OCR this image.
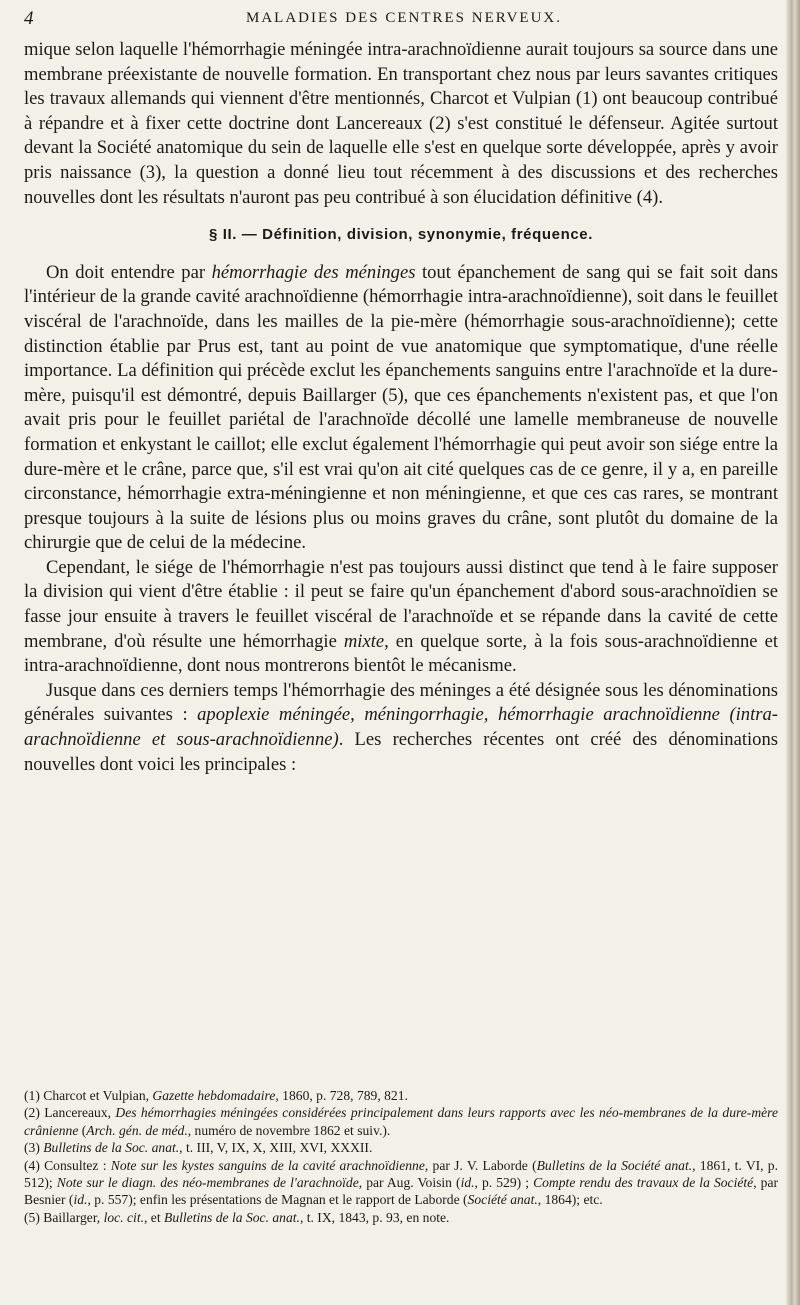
4	MALADIES DES CENTRES NERVEUX.

mique selon laquelle l'hémorrhagie méningée intra-arachnoïdienne aurait toujours sa source dans une membrane préexistante de nouvelle formation. En transportant chez nous par leurs savantes critiques les travaux allemands qui viennent d'être mentionnés, Charcot et Vulpian (1) ont beaucoup contribué à répandre et à fixer cette doctrine dont Lancereaux (2) s'est constitué le défenseur. Agitée surtout devant la Société anatomique du sein de laquelle elle s'est en quelque sorte développée, après y avoir pris naissance (3), la question a donné lieu tout récemment à des discussions et des recherches nouvelles dont les résultats n'auront pas peu contribué à son élucidation définitive (4).

§ II. — Définition, division, synonymie, fréquence.

On doit entendre par hémorrhagie des méninges tout épanchement de sang qui se fait soit dans l'intérieur de la grande cavité arachnoïdienne (hémorrhagie intra-arachnoïdienne), soit dans le feuillet viscéral de l'arachnoïde, dans les mailles de la pie-mère (hémorrhagie sous-arachnoïdienne); cette distinction établie par Prus est, tant au point de vue anatomique que symptomatique, d'une réelle importance. La définition qui précède exclut les épanchements sanguins entre l'arachnoïde et la dure-mère, puisqu'il est démontré, depuis Baillarger (5), que ces épanchements n'existent pas, et que l'on avait pris pour le feuillet pariétal de l'arachnoïde décollé une lamelle membraneuse de nouvelle formation et enkystant le caillot; elle exclut également l'hémorrhagie qui peut avoir son siége entre la dure-mère et le crâne, parce que, s'il est vrai qu'on ait cité quelques cas de ce genre, il y a, en pareille circonstance, hémorrhagie extra-méningienne et non méningienne, et que ces cas rares, se montrant presque toujours à la suite de lésions plus ou moins graves du crâne, sont plutôt du domaine de la chirurgie que de celui de la médecine.

Cependant, le siége de l'hémorrhagie n'est pas toujours aussi distinct que tend à le faire supposer la division qui vient d'être établie : il peut se faire qu'un épanchement d'abord sous-arachnoïdien se fasse jour ensuite à travers le feuillet viscéral de l'arachnoïde et se répande dans la cavité de cette membrane, d'où résulte une hémorrhagie mixte, en quelque sorte, à la fois sous-arachnoïdienne et intra-arachnoïdienne, dont nous montrerons bientôt le mécanisme.

Jusque dans ces derniers temps l'hémorrhagie des méninges a été désignée sous les dénominations générales suivantes : apoplexie méningée, méningorrhagie, hémorrhagie arachnoïdienne (intra-arachnoïdienne et sous-arachnoïdienne). Les recherches récentes ont créé des dénominations nouvelles dont voici les principales :

(1) Charcot et Vulpian, Gazette hebdomadaire, 1860, p. 728, 789, 821.

(2) Lancereaux, Des hémorrhagies méningées considérées principalement dans leurs rapports avec les néo-membranes de la dure-mère crânienne (Arch. gén. de méd., numéro de novembre 1862 et suiv.).

(3) Bulletins de la Soc. anat., t. III, V, IX, X, XIII, XVI, XXXII.

(4) Consultez : Note sur les kystes sanguins de la cavité arachnoïdienne, par J. V. Laborde (Bulletins de la Société anat., 1861, t. VI, p. 512); Note sur le diagn. des néo-membranes de l'arachnoïde, par Aug. Voisin (id., p. 529) ; Compte rendu des travaux de la Société, par Besnier (id., p. 557); enfin les présentations de Magnan et le rapport de Laborde (Société anat., 1864); etc.

(5) Baillarger, loc. cit., et Bulletins de la Soc. anat., t. IX, 1843, p. 93, en note.
